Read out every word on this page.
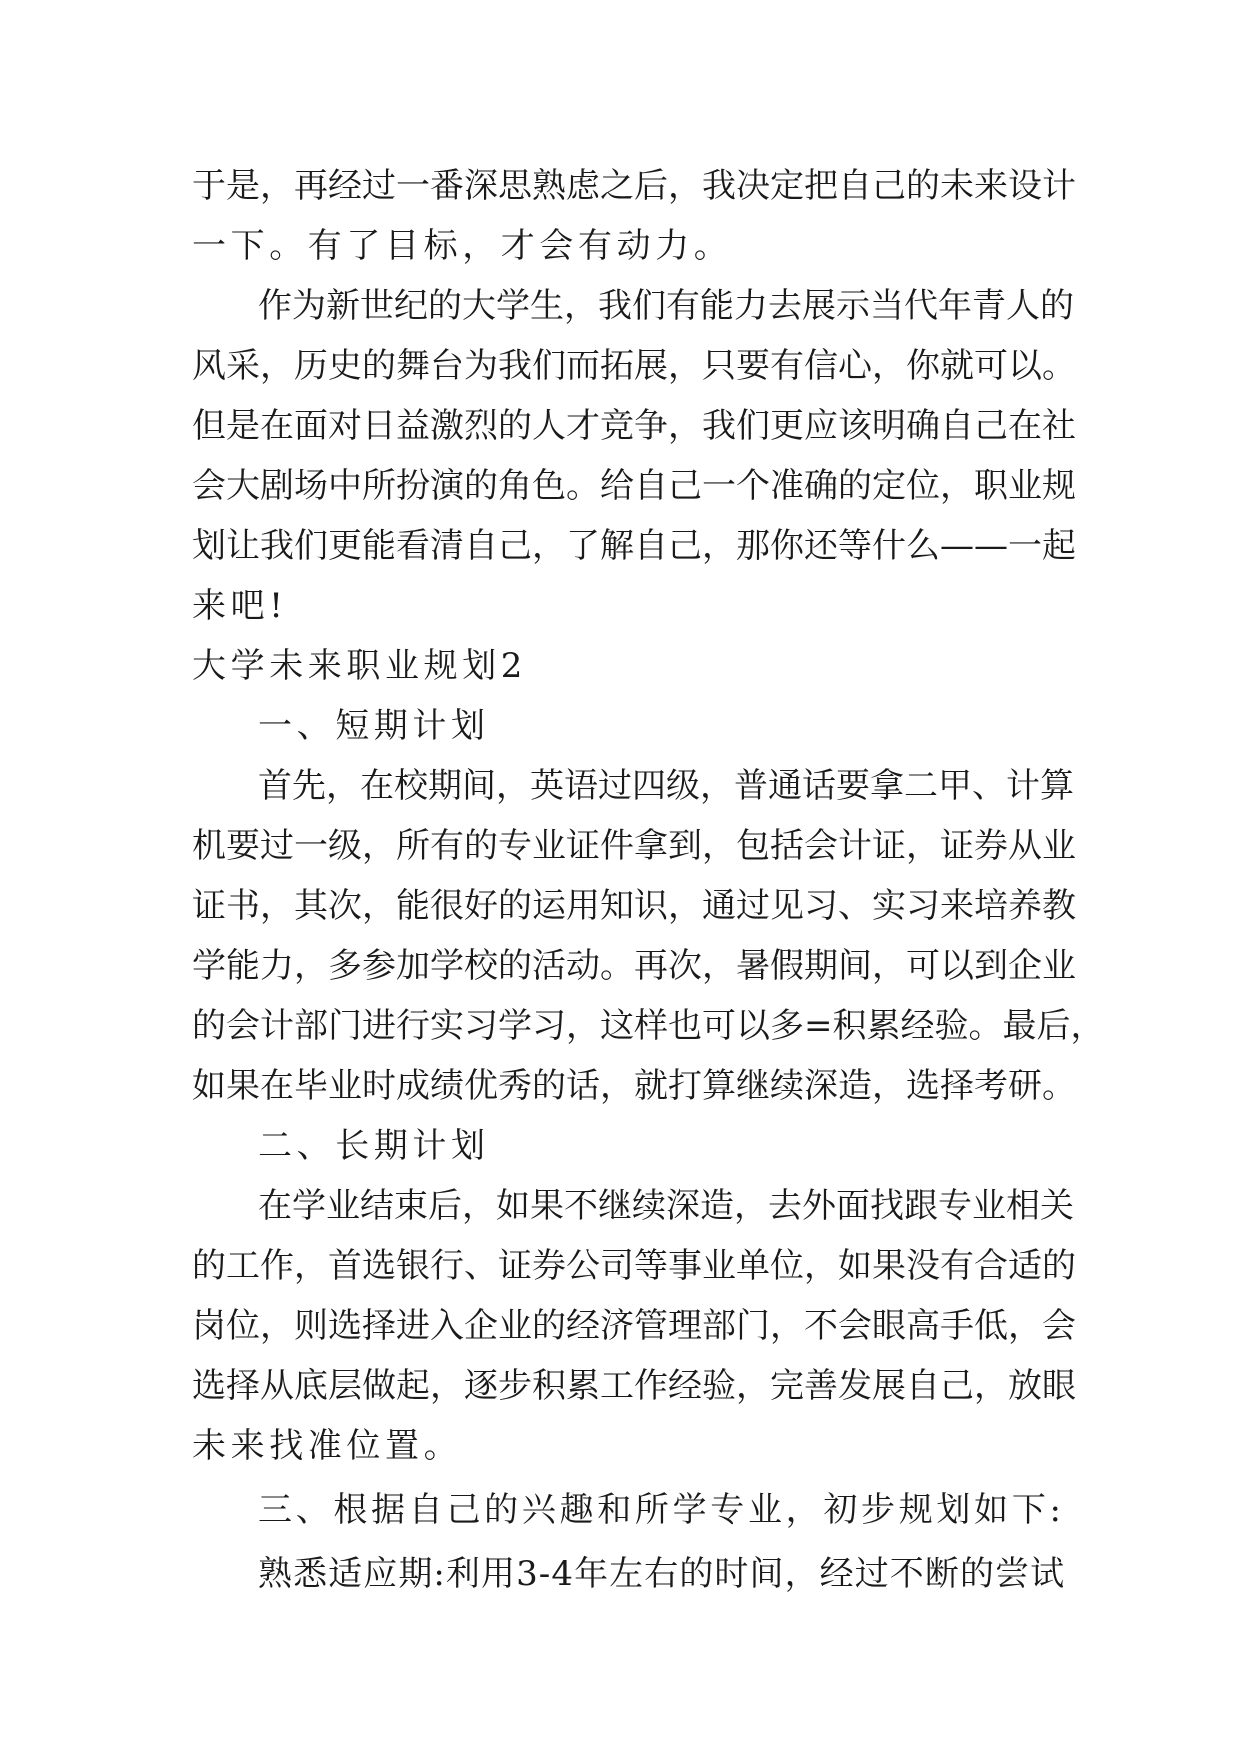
于是，再经过一番深思熟虑之后，我决定把自己的未来设计
一下。有了目标，才会有动力。
作为新世纪的大学生，我们有能力去展示当代年青人的
风采，历史的舞台为我们而拓展，只要有信心，你就可以。
但是在面对日益激烈的人才竞争，我们更应该明确自己在社
会大剧场中所扮演的角色。给自己一个准确的定位，职业规
划让我们更能看清自己，了解自己，那你还等什么——一起
来吧!
大学未来职业规划2
一、短期计划
首先，在校期间，英语过四级，普通话要拿二甲、计算
机要过一级，所有的专业证件拿到，包括会计证，证券从业
证书，其次，能很好的运用知识，通过见习、实习来培养教
学能力，多参加学校的活动。再次，暑假期间，可以到企业
的会计部门进行实习学习，这样也可以多=积累经验。最后，
如果在毕业时成绩优秀的话，就打算继续深造，选择考研。
二、长期计划
在学业结束后，如果不继续深造，去外面找跟专业相关
的工作，首选银行、证券公司等事业单位，如果没有合适的
岗位，则选择进入企业的经济管理部门，不会眼高手低，会
选择从底层做起，逐步积累工作经验，完善发展自己，放眼
未来找准位置。
三、根据自己的兴趣和所学专业，初步规划如下:
熟悉适应期:利用3-4年左右的时间，经过不断的尝试
